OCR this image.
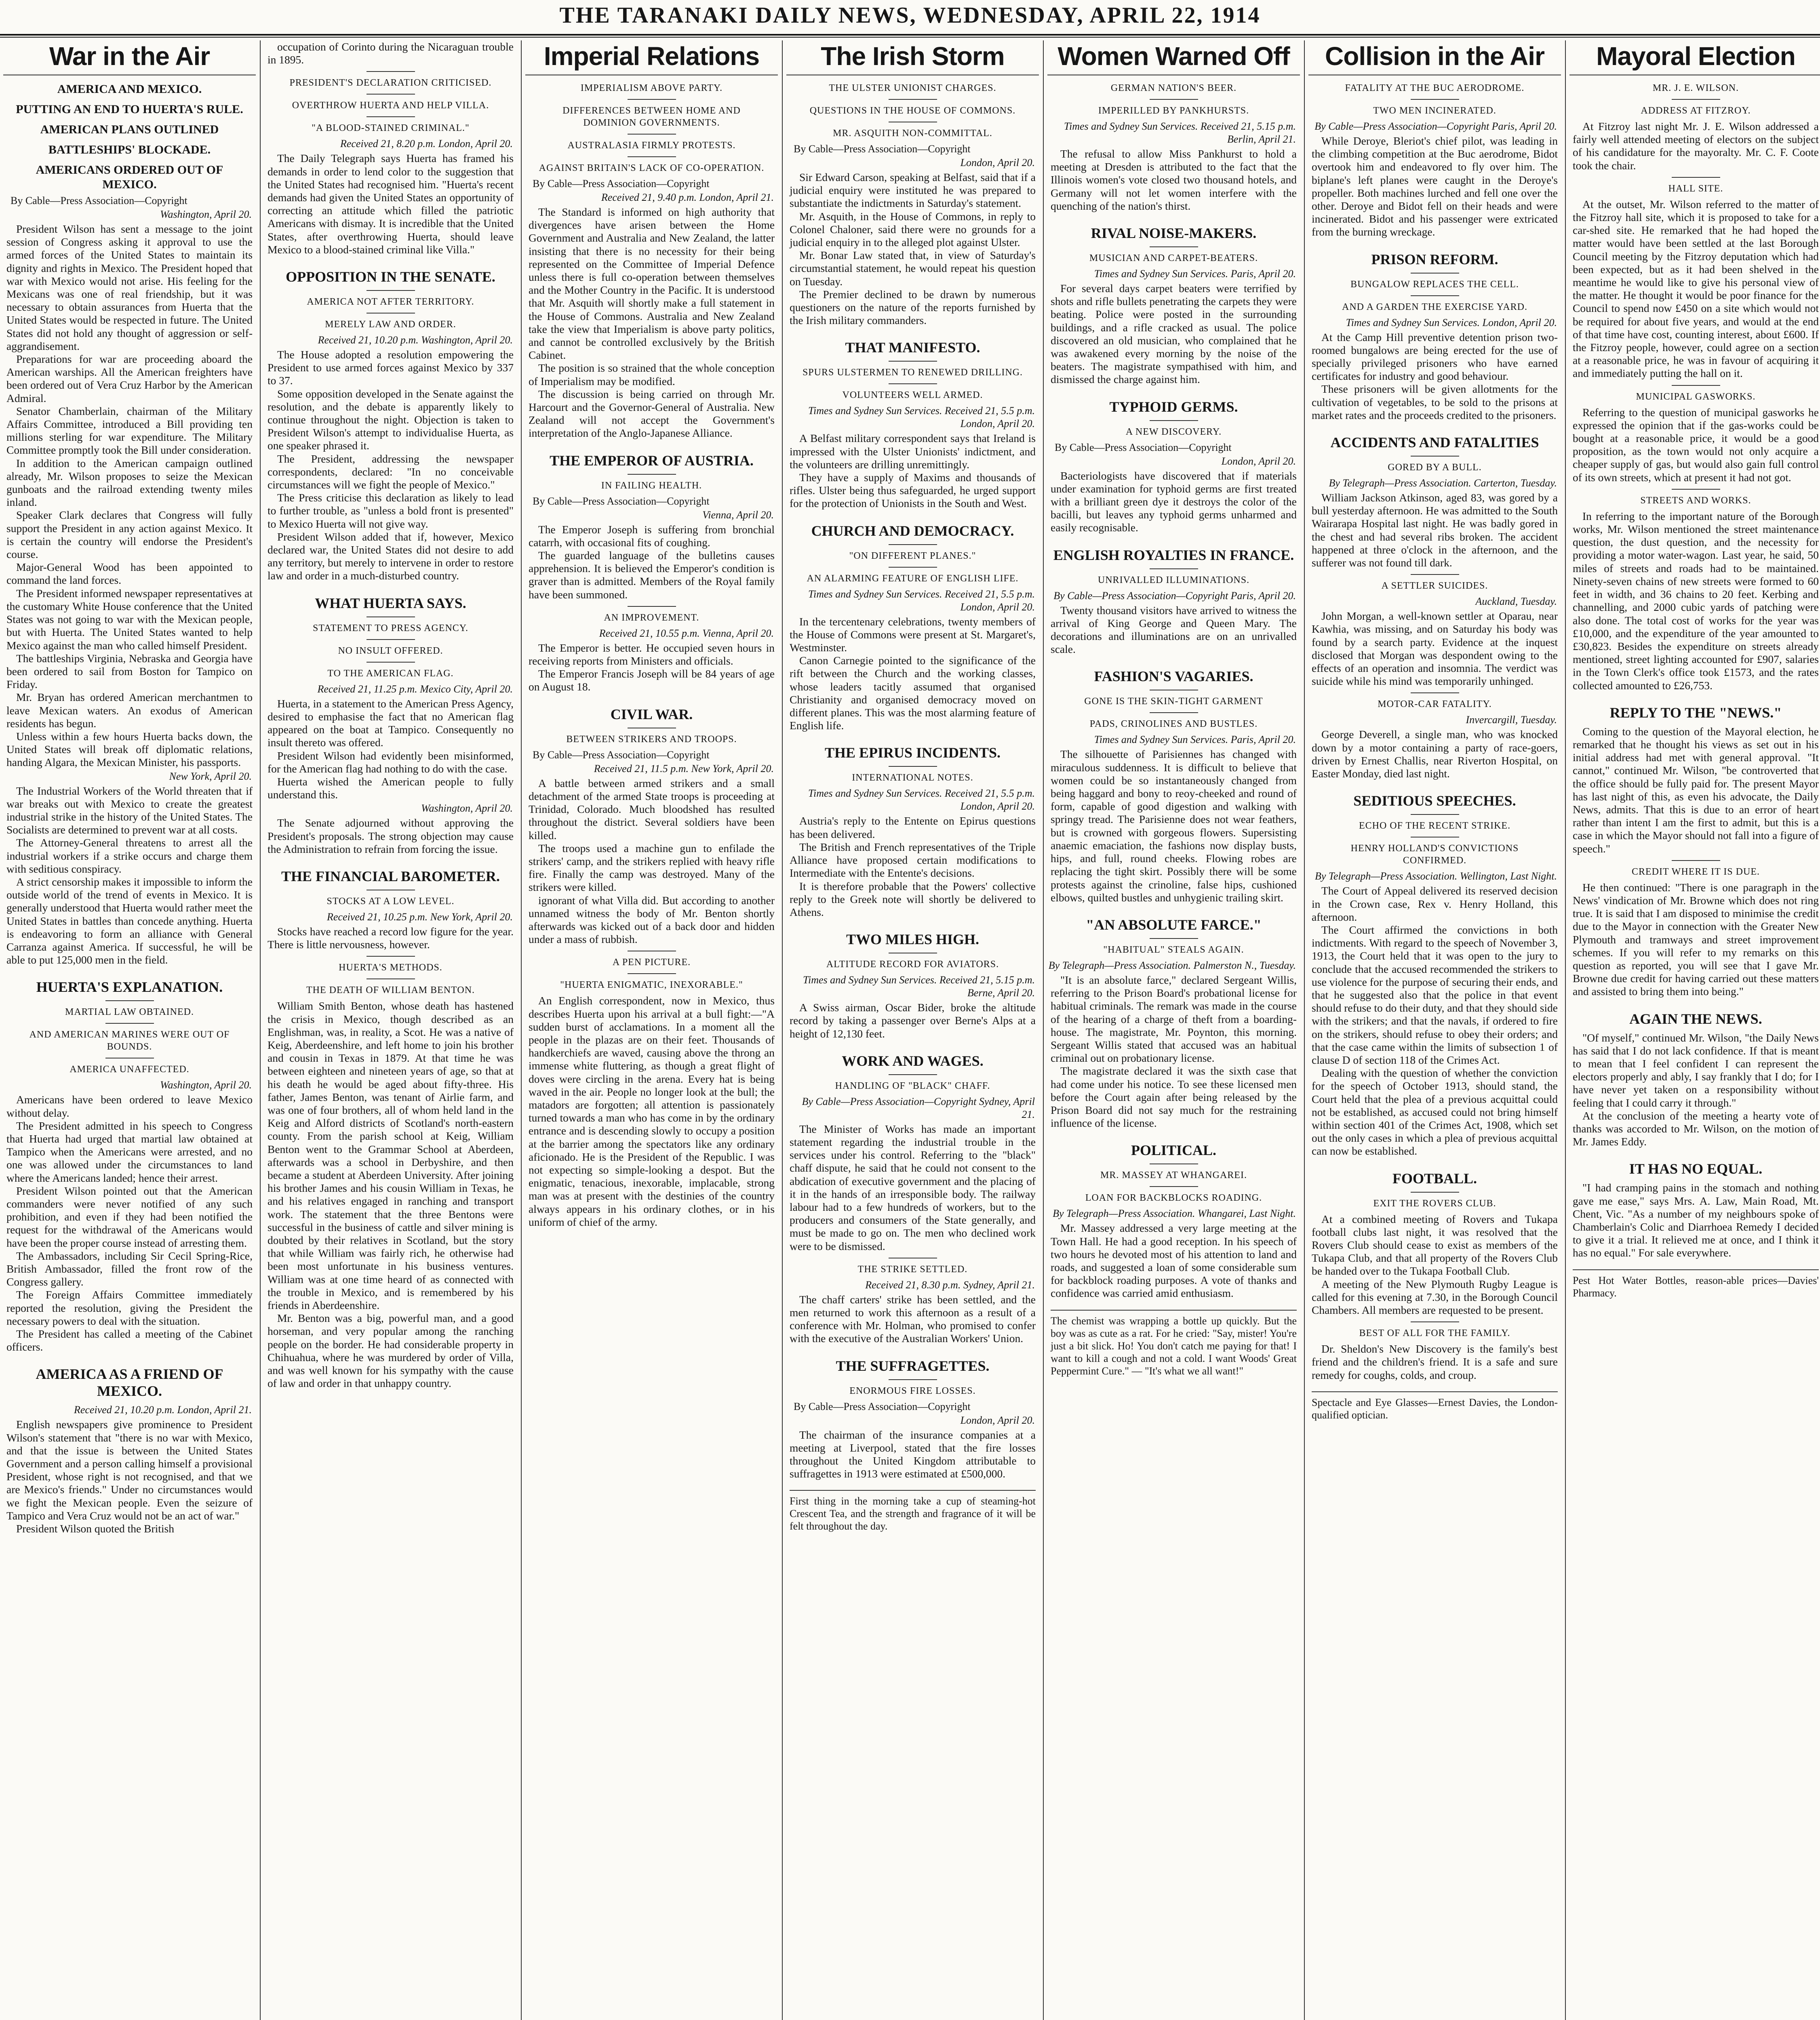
THE TARANAKI DAILY NEWS, WEDNESDAY, APRIL 22, 1914
War in the Air
AMERICA AND MEXICO.
PUTTING AN END TO HUERTA'S RULE.
AMERICAN PLANS OUTLINED
BATTLESHIPS' BLOCKADE.
AMERICANS ORDERED OUT OF MEXICO.
By Cable—Press Association—Copyright
Washington, April 20.

President Wilson has sent a message to the joint session of Congress asking it approval to use the armed forces of the United States to maintain its dignity and rights in Mexico. The President hoped that war with Mexico would not arise. His feeling for the Mexicans was one of real friendship, but it was necessary to obtain assurances from Huerta that the United States would be respected in future. The United States did not hold any thought of aggression or self-aggrandisement.

Preparations for war are proceeding aboard the American warships. All the American freighters have been ordered out of Vera Cruz Harbor by the American Admiral.

Senator Chamberlain, chairman of the Military Affairs Committee, introduced a Bill providing ten millions sterling for war expenditure. The Military Committee promptly took the Bill under consideration.

In addition to the American campaign outlined already, Mr. Wilson proposes to seize the Mexican gunboats and the railroad extending twenty miles inland.

Speaker Clark declares that Congress will fully support the President in any action against Mexico. It is certain the country will endorse the President's course.

Major-General Wood has been appointed to command the land forces.

The President informed newspaper representatives at the customary White House conference that the United States was not going to war with the Mexican people, but with Huerta. The United States wanted to help Mexico against the man who called himself President.

The battleships Virginia, Nebraska and Georgia have been ordered to sail from Boston for Tampico on Friday.

Mr. Bryan has ordered American merchantmen to leave Mexican waters. An exodus of American residents has begun.

Unless within a few hours Huerta backs down, the United States will break off diplomatic relations, handing Algara, the Mexican Minister, his passports.

New York, April 20.

The Industrial Workers of the World threaten that if war breaks out with Mexico to create the greatest industrial strike in the history of the United States. The Socialists are determined to prevent war at all costs.

The Attorney-General threatens to arrest all the industrial workers if a strike occurs and charge them with seditious conspiracy.

A strict censorship makes it impossible to inform the outside world of the trend of events in Mexico. It is generally understood that Huerta would rather meet the United States in battles than concede anything. Huerta is endeavoring to form an alliance with General Carranza against America. If successful, he will be able to put 125,000 men in the field.

HUERTA'S EXPLANATION.
MARTIAL LAW OBTAINED.
AND AMERICAN MARINES WERE OUT OF BOUNDS.
AMERICA UNAFFECTED.
Washington, April 20.

Americans have been ordered to leave Mexico without delay.

The President admitted in his speech to Congress that Huerta had urged that martial law obtained at Tampico when the Americans were arrested, and no one was allowed under the circumstances to land where the Americans landed; hence their arrest.

President Wilson pointed out that the American commanders were never notified of any such prohibition, and even if they had been notified the request for the withdrawal of the Americans would have been the proper course instead of arresting them.

The Ambassadors, including Sir Cecil Spring-Rice, British Ambassador, filled the front row of the Congress gallery.

The Foreign Affairs Committee immediately reported the resolution, giving the President the necessary powers to deal with the situation.

The President has called a meeting of the Cabinet officers.

AMERICA AS A FRIEND OF MEXICO.
Received 21, 10.20 p.m. London, April 21.

English newspapers give prominence to President Wilson's statement that "there is no war with Mexico, and that the issue is between the United States Government and a person calling himself a provisional President, whose right is not recognised, and that we are Mexico's friends." Under no circumstances would we fight the Mexican people. Even the seizure of Tampico and Vera Cruz would not be an act of war."

President Wilson quoted the British

occupation of Corinto during the Nicaraguan trouble in 1895.

PRESIDENT'S DECLARATION CRITICISED.
OVERTHROW HUERTA AND HELP VILLA.
"A BLOOD-STAINED CRIMINAL."
Received 21, 8.20 p.m. London, April 20.

The Daily Telegraph says Huerta has framed his demands in order to lend color to the suggestion that the United States had recognised him. "Huerta's recent demands had given the United States an opportunity of correcting an attitude which filled the patriotic Americans with dismay. It is incredible that the United States, after overthrowing Huerta, should leave Mexico to a blood-stained criminal like Villa."

OPPOSITION IN THE SENATE.
AMERICA NOT AFTER TERRITORY.
MERELY LAW AND ORDER.
Received 21, 10.20 p.m. Washington, April 20.

The House adopted a resolution empowering the President to use armed forces against Mexico by 337 to 37.

Some opposition developed in the Senate against the resolution, and the debate is apparently likely to continue throughout the night. Objection is taken to President Wilson's attempt to individualise Huerta, as one speaker phrased it.

The President, addressing the newspaper correspondents, declared: "In no conceivable circumstances will we fight the people of Mexico."

The Press criticise this declaration as likely to lead to further trouble, as "unless a bold front is presented" to Mexico Huerta will not give way.

President Wilson added that if, however, Mexico declared war, the United States did not desire to add any territory, but merely to intervene in order to restore law and order in a much-disturbed country.

WHAT HUERTA SAYS.
STATEMENT TO PRESS AGENCY.
NO INSULT OFFERED.
TO THE AMERICAN FLAG.
Received 21, 11.25 p.m. Mexico City, April 20.

Huerta, in a statement to the American Press Agency, desired to emphasise the fact that no American flag appeared on the boat at Tampico. Consequently no insult thereto was offered.

President Wilson had evidently been misinformed, for the American flag had nothing to do with the case.

Huerta wished the American people to fully understand this.

Washington, April 20.

The Senate adjourned without approving the President's proposals. The strong objection may cause the Administration to refrain from forcing the issue.

THE FINANCIAL BAROMETER.
STOCKS AT A LOW LEVEL.
Received 21, 10.25 p.m. New York, April 20.

Stocks have reached a record low figure for the year. There is little nervousness, however.

HUERTA'S METHODS.
THE DEATH OF WILLIAM BENTON.

William Smith Benton, whose death has hastened the crisis in Mexico, though described as an Englishman, was, in reality, a Scot. He was a native of Keig, Aberdeenshire, and left home to join his brother and cousin in Texas in 1879. At that time he was between eighteen and nineteen years of age, so that at his death he would be aged about fifty-three. His father, James Benton, was tenant of Airlie farm, and was one of four brothers, all of whom held land in the Keig and Alford districts of Scotland's north-eastern county. From the parish school at Keig, William Benton went to the Grammar School at Aberdeen, afterwards was a school in Derbyshire, and then became a student at Aberdeen University. After joining his brother James and his cousin William in Texas, he and his relatives engaged in ranching and transport work. The statement that the three Bentons were successful in the business of cattle and silver mining is doubted by their relatives in Scotland, but the story that while William was fairly rich, he otherwise had been most unfortunate in his business ventures. William was at one time heard of as connected with the trouble in Mexico, and is remembered by his friends in Aberdeenshire.

Mr. Benton was a big, powerful man, and a good horseman, and very popular among the ranching people on the border. He had considerable property in Chihuahua, where he was murdered by order of Villa, and was well known for his sympathy with the cause of law and order in that unhappy country.

Imperial Relations
IMPERIALISM ABOVE PARTY.
DIFFERENCES BETWEEN HOME AND DOMINION GOVERNMENTS.
AUSTRALASIA FIRMLY PROTESTS.
AGAINST BRITAIN'S LACK OF CO-OPERATION.
By Cable—Press Association—Copyright
Received 21, 9.40 p.m. London, April 21.

The Standard is informed on high authority that divergences have arisen between the Home Government and Australia and New Zealand, the latter insisting that there is no necessity for their being represented on the Committee of Imperial Defence unless there is full co-operation between themselves and the Mother Country in the Pacific. It is understood that Mr. Asquith will shortly make a full statement in the House of Commons. Australia and New Zealand take the view that Imperialism is above party politics, and cannot be controlled exclusively by the British Cabinet.

The position is so strained that the whole conception of Imperialism may be modified.

The discussion is being carried on through Mr. Harcourt and the Governor-General of Australia. New Zealand will not accept the Government's interpretation of the Anglo-Japanese Alliance.

THE EMPEROR OF AUSTRIA.
IN FAILING HEALTH.
By Cable—Press Association—Copyright
Vienna, April 20.

The Emperor Joseph is suffering from bronchial catarrh, with occasional fits of coughing.

The guarded language of the bulletins causes apprehension. It is believed the Emperor's condition is graver than is admitted. Members of the Royal family have been summoned.

AN IMPROVEMENT.
Received 21, 10.55 p.m. Vienna, April 20.

The Emperor is better. He occupied seven hours in receiving reports from Ministers and officials.

The Emperor Francis Joseph will be 84 years of age on August 18.

CIVIL WAR.
BETWEEN STRIKERS AND TROOPS.
By Cable—Press Association—Copyright
Received 21, 11.5 p.m. New York, April 20.

A battle between armed strikers and a small detachment of the armed State troops is proceeding at Trinidad, Colorado. Much bloodshed has resulted throughout the district. Several soldiers have been killed.

The troops used a machine gun to enfilade the strikers' camp, and the strikers replied with heavy rifle fire. Finally the camp was destroyed. Many of the strikers were killed.

ignorant of what Villa did. But according to another unnamed witness the body of Mr. Benton shortly afterwards was kicked out of a back door and hidden under a mass of rubbish.

A PEN PICTURE.
"HUERTA ENIGMATIC, INEXORABLE."

An English correspondent, now in Mexico, thus describes Huerta upon his arrival at a bull fight:—"A sudden burst of acclamations. In a moment all the people in the plazas are on their feet. Thousands of handkerchiefs are waved, causing above the throng an immense white fluttering, as though a great flight of doves were circling in the arena. Every hat is being waved in the air. People no longer look at the bull; the matadors are forgotten; all attention is passionately turned towards a man who has come in by the ordinary entrance and is descending slowly to occupy a position at the barrier among the spectators like any ordinary aficionado. He is the President of the Republic. I was not expecting so simple-looking a despot. But the enigmatic, tenacious, inexorable, implacable, strong man was at present with the destinies of the country always appears in his ordinary clothes, or in his uniform of chief of the army.

The Irish Storm
THE ULSTER UNIONIST CHARGES.
QUESTIONS IN THE HOUSE OF COMMONS.
MR. ASQUITH NON-COMMITTAL.
By Cable—Press Association—Copyright
London, April 20.

Sir Edward Carson, speaking at Belfast, said that if a judicial enquiry were instituted he was prepared to substantiate the indictments in Saturday's statement.

Mr. Asquith, in the House of Commons, in reply to Colonel Chaloner, said there were no grounds for a judicial enquiry in to the alleged plot against Ulster.

Mr. Bonar Law stated that, in view of Saturday's circumstantial statement, he would repeat his question on Tuesday.

The Premier declined to be drawn by numerous questioners on the nature of the reports furnished by the Irish military commanders.

THAT MANIFESTO.
SPURS ULSTERMEN TO RENEWED DRILLING.
VOLUNTEERS WELL ARMED.
Times and Sydney Sun Services. Received 21, 5.5 p.m. London, April 20.

A Belfast military correspondent says that Ireland is impressed with the Ulster Unionists' indictment, and the volunteers are drilling unremittingly.

They have a supply of Maxims and thousands of rifles. Ulster being thus safeguarded, he urged support for the protection of Unionists in the South and West.

CHURCH AND DEMOCRACY.
"ON DIFFERENT PLANES."
AN ALARMING FEATURE OF ENGLISH LIFE.
Times and Sydney Sun Services. Received 21, 5.5 p.m. London, April 20.

In the tercentenary celebrations, twenty members of the House of Commons were present at St. Margaret's, Westminster.

Canon Carnegie pointed to the significance of the rift between the Church and the working classes, whose leaders tacitly assumed that organised Christianity and organised democracy moved on different planes. This was the most alarming feature of English life.

THE EPIRUS INCIDENTS.
INTERNATIONAL NOTES.
Times and Sydney Sun Services. Received 21, 5.5 p.m. London, April 20.

Austria's reply to the Entente on Epirus questions has been delivered.

The British and French representatives of the Triple Alliance have proposed certain modifications to Intermediate with the Entente's decisions.

It is therefore probable that the Powers' collective reply to the Greek note will shortly be delivered to Athens.

TWO MILES HIGH.
ALTITUDE RECORD FOR AVIATORS.
Times and Sydney Sun Services. Received 21, 5.15 p.m. Berne, April 20.

A Swiss airman, Oscar Bider, broke the altitude record by taking a passenger over Berne's Alps at a height of 12,130 feet.

WORK AND WAGES.
HANDLING OF "BLACK" CHAFF.
By Cable—Press Association—Copyright Sydney, April 21.

The Minister of Works has made an important statement regarding the industrial trouble in the services under his control. Referring to the "black" chaff dispute, he said that he could not consent to the abdication of executive government and the placing of it in the hands of an irresponsible body. The railway labour had to a few hundreds of workers, but to the producers and consumers of the State generally, and must be made to go on. The men who declined work were to be dismissed.

THE STRIKE SETTLED.
Received 21, 8.30 p.m. Sydney, April 21.

The chaff carters' strike has been settled, and the men returned to work this afternoon as a result of a conference with Mr. Holman, who promised to confer with the executive of the Australian Workers' Union.

THE SUFFRAGETTES.
ENORMOUS FIRE LOSSES.
By Cable—Press Association—Copyright
London, April 20.

The chairman of the insurance companies at a meeting at Liverpool, stated that the fire losses throughout the United Kingdom attributable to suffragettes in 1913 were estimated at £500,000.

First thing in the morning take a cup of steaming-hot Crescent Tea, and the strength and fragrance of it will be felt throughout the day.
Women Warned Off
GERMAN NATION'S BEER.
IMPERILLED BY PANKHURSTS.
Times and Sydney Sun Services. Received 21, 5.15 p.m. Berlin, April 21.

The refusal to allow Miss Pankhurst to hold a meeting at Dresden is attributed to the fact that the Illinois women's vote closed two thousand hotels, and Germany will not let women interfere with the quenching of the nation's thirst.

RIVAL NOISE-MAKERS.
MUSICIAN AND CARPET-BEATERS.
Times and Sydney Sun Services. Paris, April 20.

For several days carpet beaters were terrified by shots and rifle bullets penetrating the carpets they were beating. Police were posted in the surrounding buildings, and a rifle cracked as usual. The police discovered an old musician, who complained that he was awakened every morning by the noise of the beaters. The magistrate sympathised with him, and dismissed the charge against him.

TYPHOID GERMS.
A NEW DISCOVERY.
By Cable—Press Association—Copyright
London, April 20.

Bacteriologists have discovered that if materials under examination for typhoid germs are first treated with a brilliant green dye it destroys the color of the bacilli, but leaves any typhoid germs unharmed and easily recognisable.

ENGLISH ROYALTIES IN FRANCE.
UNRIVALLED ILLUMINATIONS.
By Cable—Press Association—Copyright Paris, April 20.

Twenty thousand visitors have arrived to witness the arrival of King George and Queen Mary. The decorations and illuminations are on an unrivalled scale.

FASHION'S VAGARIES.
GONE IS THE SKIN-TIGHT GARMENT
PADS, CRINOLINES AND BUSTLES.
Times and Sydney Sun Services. Paris, April 20.

The silhouette of Parisiennes has changed with miraculous suddenness. It is difficult to believe that women could be so instantaneously changed from being haggard and bony to reoy-cheeked and round of form, capable of good digestion and walking with springy tread. The Parisienne does not wear feathers, but is crowned with gorgeous flowers. Supersisting anaemic emaciation, the fashions now display busts, hips, and full, round cheeks. Flowing robes are replacing the tight skirt. Possibly there will be some protests against the crinoline, false hips, cushioned elbows, quilted bustles and unhygienic trailing skirt.

"AN ABSOLUTE FARCE."
"HABITUAL" STEALS AGAIN.
By Telegraph—Press Association. Palmerston N., Tuesday.

"It is an absolute farce," declared Sergeant Willis, referring to the Prison Board's probational license for habitual criminals. The remark was made in the course of the hearing of a charge of theft from a boarding-house. The magistrate, Mr. Poynton, this morning. Sergeant Willis stated that accused was an habitual criminal out on probationary license.

The magistrate declared it was the sixth case that had come under his notice. To see these licensed men before the Court again after being released by the Prison Board did not say much for the restraining influence of the license.

POLITICAL.
MR. MASSEY AT WHANGAREI.
LOAN FOR BACKBLOCKS ROADING.
By Telegraph—Press Association. Whangarei, Last Night.

Mr. Massey addressed a very large meeting at the Town Hall. He had a good reception. In his speech of two hours he devoted most of his attention to land and roads, and suggested a loan of some considerable sum for backblock roading purposes. A vote of thanks and confidence was carried amid enthusiasm.

The chemist was wrapping a bottle up quickly. But the boy was as cute as a rat. For he cried: "Say, mister! You're just a bit slick. Ho! You don't catch me paying for that! I want to kill a cough and not a cold. I want Woods' Great Peppermint Cure." — "It's what we all want!"
Collision in the Air
FATALITY AT THE BUC AERODROME.
TWO MEN INCINERATED.
By Cable—Press Association—Copyright Paris, April 20.

While Deroye, Bleriot's chief pilot, was leading in the climbing competition at the Buc aerodrome, Bidot overtook him and endeavored to fly over him. The biplane's left planes were caught in the Deroye's propeller. Both machines lurched and fell one over the other. Deroye and Bidot fell on their heads and were incinerated. Bidot and his passenger were extricated from the burning wreckage.

PRISON REFORM.
BUNGALOW REPLACES THE CELL.
AND A GARDEN THE EXERCISE YARD.
Times and Sydney Sun Services. London, April 20.

At the Camp Hill preventive detention prison two-roomed bungalows are being erected for the use of specially privileged prisoners who have earned certificates for industry and good behaviour.

These prisoners will be given allotments for the cultivation of vegetables, to be sold to the prisons at market rates and the proceeds credited to the prisoners.

ACCIDENTS AND FATALITIES
GORED BY A BULL.
By Telegraph—Press Association. Carterton, Tuesday.

William Jackson Atkinson, aged 83, was gored by a bull yesterday afternoon. He was admitted to the South Wairarapa Hospital last night. He was badly gored in the chest and had several ribs broken. The accident happened at three o'clock in the afternoon, and the sufferer was not found till dark.

A SETTLER SUICIDES.
Auckland, Tuesday.

John Morgan, a well-known settler at Oparau, near Kawhia, was missing, and on Saturday his body was found by a search party. Evidence at the inquest disclosed that Morgan was despondent owing to the effects of an operation and insomnia. The verdict was suicide while his mind was temporarily unhinged.

MOTOR-CAR FATALITY.
Invercargill, Tuesday.

George Deverell, a single man, who was knocked down by a motor containing a party of race-goers, driven by Ernest Challis, near Riverton Hospital, on Easter Monday, died last night.

SEDITIOUS SPEECHES.
ECHO OF THE RECENT STRIKE.
HENRY HOLLAND'S CONVICTIONS CONFIRMED.
By Telegraph—Press Association. Wellington, Last Night.

The Court of Appeal delivered its reserved decision in the Crown case, Rex v. Henry Holland, this afternoon.

The Court affirmed the convictions in both indictments. With regard to the speech of November 3, 1913, the Court held that it was open to the jury to conclude that the accused recommended the strikers to use violence for the purpose of securing their ends, and that he suggested also that the police in that event should refuse to do their duty, and that they should side with the strikers; and that the navals, if ordered to fire on the strikers, should refuse to obey their orders; and that the case came within the limits of subsection 1 of clause D of section 118 of the Crimes Act.

Dealing with the question of whether the conviction for the speech of October 1913, should stand, the Court held that the plea of a previous acquittal could not be established, as accused could not bring himself within section 401 of the Crimes Act, 1908, which set out the only cases in which a plea of previous acquittal can now be established.

FOOTBALL.
EXIT THE ROVERS CLUB.

At a combined meeting of Rovers and Tukapa football clubs last night, it was resolved that the Rovers Club should cease to exist as members of the Tukapa Club, and that all property of the Rovers Club be handed over to the Tukapa Football Club.

A meeting of the New Plymouth Rugby League is called for this evening at 7.30, in the Borough Council Chambers. All members are requested to be present.

BEST OF ALL FOR THE FAMILY.

Dr. Sheldon's New Discovery is the family's best friend and the children's friend. It is a safe and sure remedy for coughs, colds, and croup.

Spectacle and Eye Glasses—Ernest Davies, the London-qualified optician.
Mayoral Election
MR. J. E. WILSON.
ADDRESS AT FITZROY.

At Fitzroy last night Mr. J. E. Wilson addressed a fairly well attended meeting of electors on the subject of his candidature for the mayoralty. Mr. C. F. Coote took the chair.

HALL SITE.

At the outset, Mr. Wilson referred to the matter of the Fitzroy hall site, which it is proposed to take for a car-shed site. He remarked that he had hoped the matter would have been settled at the last Borough Council meeting by the Fitzroy deputation which had been expected, but as it had been shelved in the meantime he would like to give his personal view of the matter. He thought it would be poor finance for the Council to spend now £450 on a site which would not be required for about five years, and would at the end of that time have cost, counting interest, about £600. If the Fitzroy people, however, could agree on a section at a reasonable price, he was in favour of acquiring it and immediately putting the hall on it.

MUNICIPAL GASWORKS.

Referring to the question of municipal gasworks he expressed the opinion that if the gas-works could be bought at a reasonable price, it would be a good proposition, as the town would not only acquire a cheaper supply of gas, but would also gain full control of its own streets, which at present it had not got.

STREETS AND WORKS.

In referring to the important nature of the Borough works, Mr. Wilson mentioned the street maintenance question, the dust question, and the necessity for providing a motor water-wagon. Last year, he said, 50 miles of streets and roads had to be maintained. Ninety-seven chains of new streets were formed to 60 feet in width, and 36 chains to 20 feet. Kerbing and channelling, and 2000 cubic yards of patching were also done. The total cost of works for the year was £10,000, and the expenditure of the year amounted to £30,823. Besides the expenditure on streets already mentioned, street lighting accounted for £907, salaries in the Town Clerk's office took £1573, and the rates collected amounted to £26,753.

REPLY TO THE "NEWS."

Coming to the question of the Mayoral election, he remarked that he thought his views as set out in his initial address had met with general approval. "It cannot," continued Mr. Wilson, "be controverted that the office should be fully paid for. The present Mayor has last night of this, as even his advocate, the Daily News, admits. That this is due to an error of heart rather than intent I am the first to admit, but this is a case in which the Mayor should not fall into a figure of speech."

CREDIT WHERE IT IS DUE.

He then continued: "There is one paragraph in the News' vindication of Mr. Browne which does not ring true. It is said that I am disposed to minimise the credit due to the Mayor in connection with the Greater New Plymouth and tramways and street improvement schemes. If you will refer to my remarks on this question as reported, you will see that I gave Mr. Browne due credit for having carried out these matters and assisted to bring them into being."

AGAIN THE NEWS.

"Of myself," continued Mr. Wilson, "the Daily News has said that I do not lack confidence. If that is meant to mean that I feel confident I can represent the electors properly and ably, I say frankly that I do; for I have never yet taken on a responsibility without feeling that I could carry it through."

At the conclusion of the meeting a hearty vote of thanks was accorded to Mr. Wilson, on the motion of Mr. James Eddy.

IT HAS NO EQUAL.

"I had cramping pains in the stomach and nothing gave me ease," says Mrs. A. Law, Main Road, Mt. Chent, Vic. "As a number of my neighbours spoke of Chamberlain's Colic and Diarrhoea Remedy I decided to give it a trial. It relieved me at once, and I think it has no equal." For sale everywhere.

Pest Hot Water Bottles, reason-able prices—Davies' Pharmacy.
